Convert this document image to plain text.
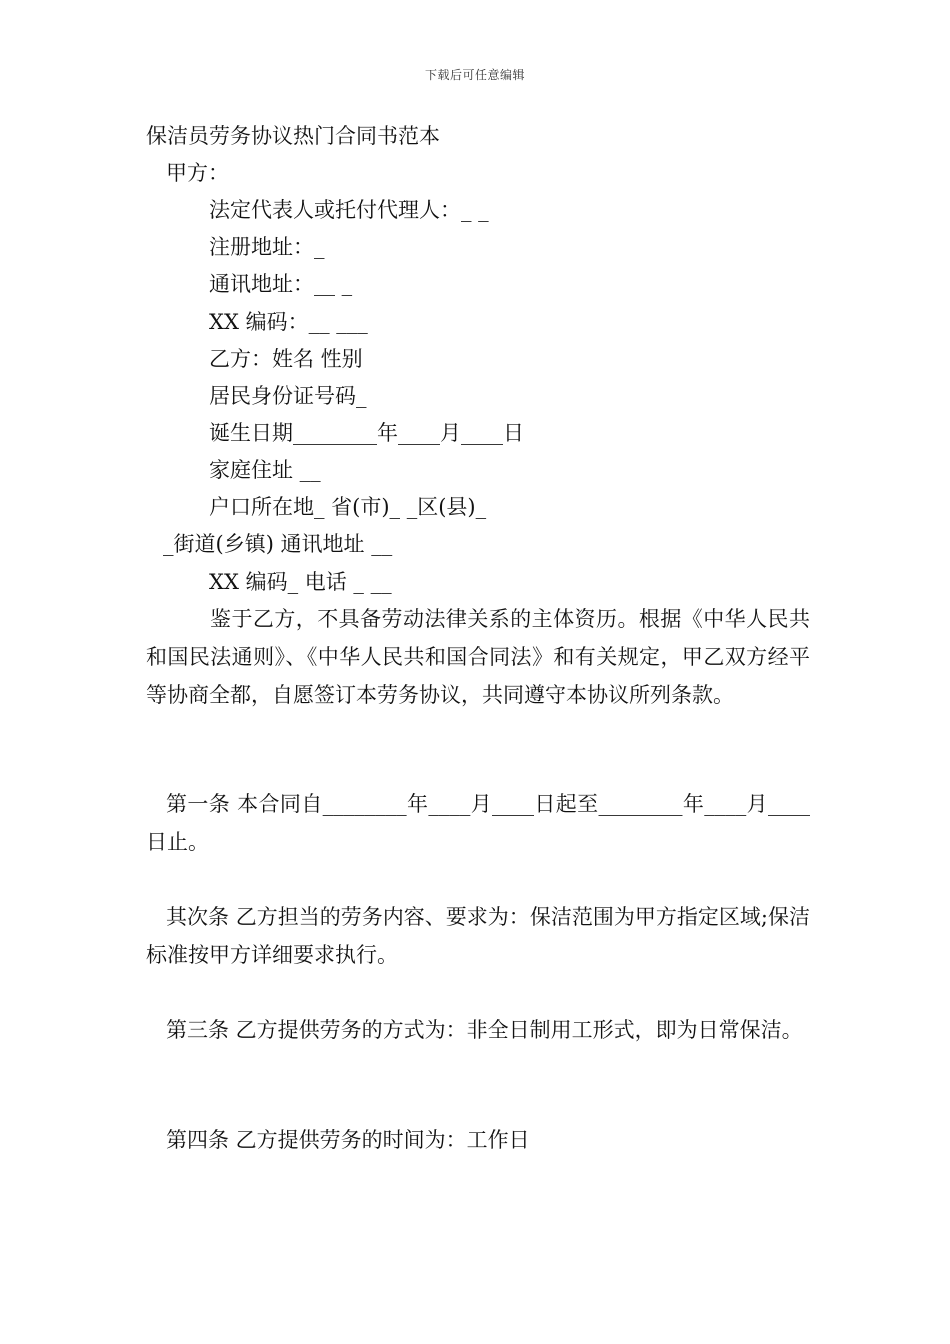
下载后可任意编辑
保洁员劳务协议热门合同书范本
甲方：
法定代表人或托付代理人：_ _
注册地址：_
通讯地址：__ _
XX 编码：__ ___
乙方：姓名 性别
居民身份证号码_
诞生日期________年____月____日
家庭住址 __
户口所在地_ 省(市)_ _区(县)_
_街道(乡镇) 通讯地址 __
XX 编码_ 电话 _ __
鉴于乙方，不具备劳动法律关系的主体资历。根据《中华人民共和国民法通则》、《中华人民共和国合同法》和有关规定，甲乙双方经平等协商全都，自愿签订本劳务协议，共同遵守本协议所列条款。
第一条 本合同自________年____月____日起至________年____月____日止。
其次条 乙方担当的劳务内容、要求为：保洁范围为甲方指定区域;保洁标准按甲方详细要求执行。
第三条 乙方提供劳务的方式为：非全日制用工形式，即为日常保洁。
第四条 乙方提供劳务的时间为：工作日
